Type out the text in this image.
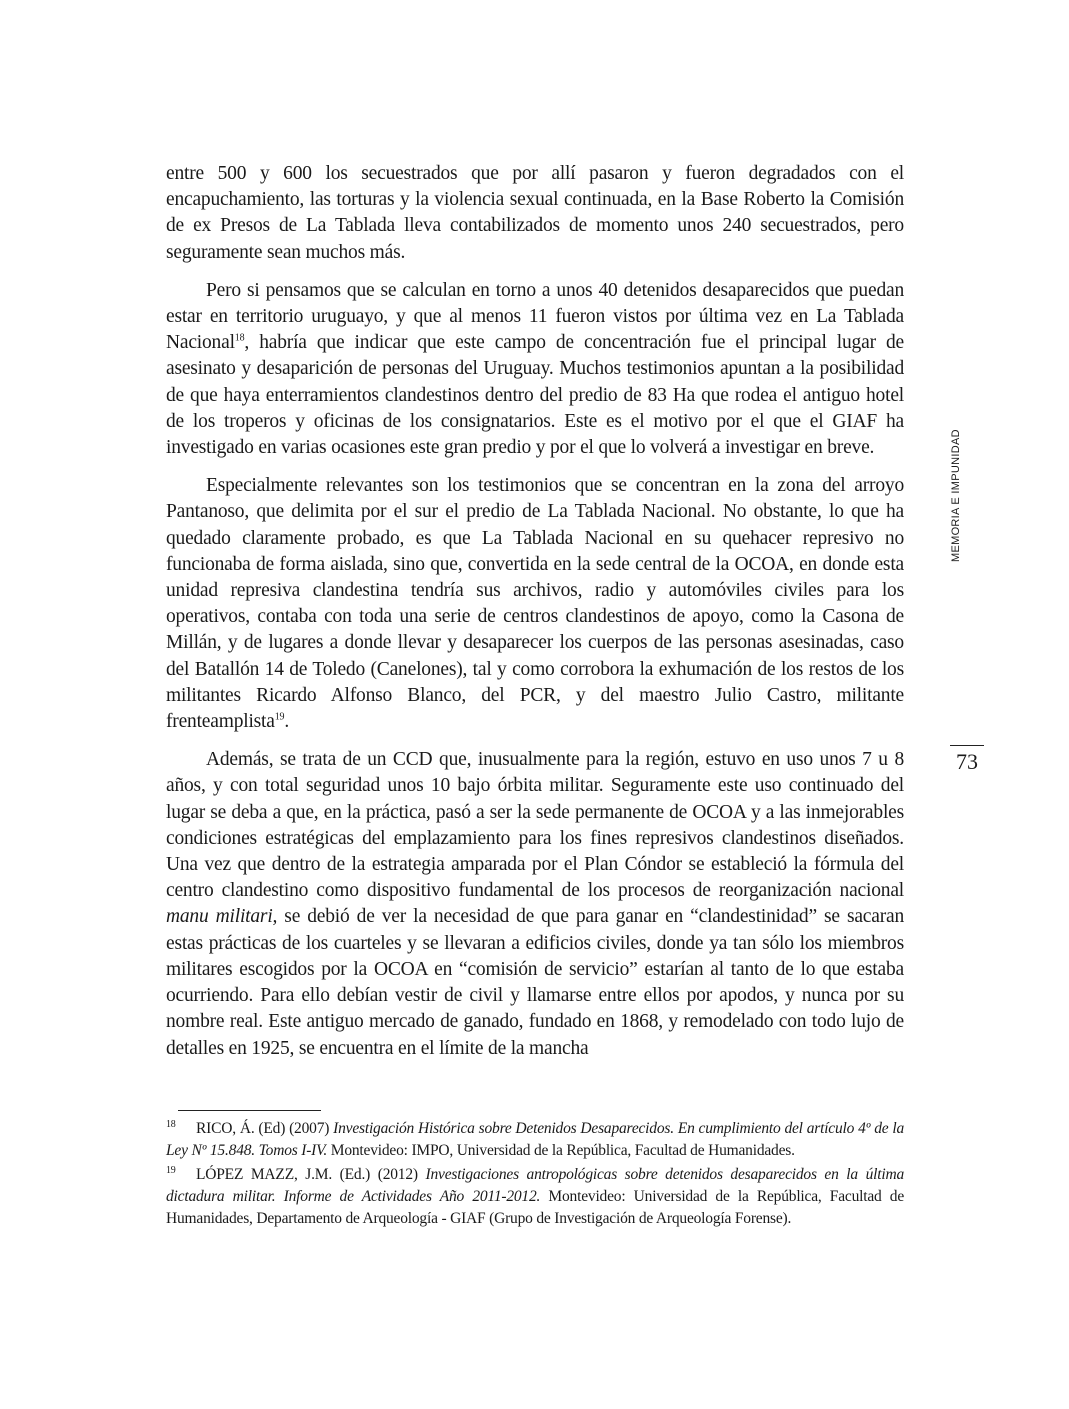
entre 500 y 600 los secuestrados que por allí pasaron y fueron degradados con el encapuchamiento, las torturas y la violencia sexual continuada, en la Base Roberto la Comisión de ex Presos de La Tablada lleva contabilizados de momento unos 240 secuestrados, pero seguramente sean muchos más.

Pero si pensamos que se calculan en torno a unos 40 detenidos desaparecidos que puedan estar en territorio uruguayo, y que al menos 11 fueron vistos por última vez en La Tablada Nacional$^{18}$, habría que indicar que este campo de concentración fue el principal lugar de asesinato y desaparición de personas del Uruguay. Muchos testimonios apuntan a la posibilidad de que haya enterramientos clandestinos dentro del predio de 83 Ha que rodea el antiguo hotel de los troperos y oficinas de los consignatarios. Este es el motivo por el que el GIAF ha investigado en varias ocasiones este gran predio y por el que lo volverá a investigar en breve.

Especialmente relevantes son los testimonios que se concentran en la zona del arroyo Pantanoso, que delimita por el sur el predio de La Tablada Nacional. No obstante, lo que ha quedado claramente probado, es que La Tablada Nacional en su quehacer represivo no funcionaba de forma aislada, sino que, convertida en la sede central de la OCOA, en donde esta unidad represiva clandestina tendría sus archivos, radio y automóviles civiles para los operativos, contaba con toda una serie de centros clandestinos de apoyo, como la Casona de Millán, y de lugares a donde llevar y desaparecer los cuerpos de las personas asesinadas, caso del Batallón 14 de Toledo (Canelones), tal y como corrobora la exhumación de los restos de los militantes Ricardo Alfonso Blanco, del PCR, y del maestro Julio Castro, militante frenteamplista$^{19}$.

Además, se trata de un CCD que, inusualmente para la región, estuvo en uso unos 7 u 8 años, y con total seguridad unos 10 bajo órbita militar. Seguramente este uso continuado del lugar se deba a que, en la práctica, pasó a ser la sede permanente de OCOA y a las inmejorables condiciones estratégicas del emplazamiento para los fines represivos clandestinos diseñados. Una vez que dentro de la estrategia amparada por el Plan Cóndor se estableció la fórmula del centro clandestino como dispositivo fundamental de los procesos de reorganización nacional manu militari, se debió de ver la necesidad de que para ganar en “clandestinidad” se sacaran estas prácticas de los cuarteles y se llevaran a edificios civiles, donde ya tan sólo los miembros militares escogidos por la OCOA en “comisión de servicio” estarían al tanto de lo que estaba ocurriendo. Para ello debían vestir de civil y llamarse entre ellos por apodos, y nunca por su nombre real. Este antiguo mercado de ganado, fundado en 1868, y remodelado con todo lujo de detalles en 1925, se encuentra en el límite de la mancha

MEMORIA E IMPUNIDAD
73

18 RICO, Á. (Ed) (2007) Investigación Histórica sobre Detenidos Desaparecidos. En cumplimiento del artículo 4º de la Ley Nº 15.848. Tomos I-IV. Montevideo: IMPO, Universidad de la República, Facultad de Humanidades.

19 LÓPEZ MAZZ, J.M. (Ed.) (2012) Investigaciones antropológicas sobre detenidos desaparecidos en la última dictadura militar. Informe de Actividades Año 2011-2012. Montevideo: Universidad de la República, Facultad de Humanidades, Departamento de Arqueología - GIAF (Grupo de Investigación de Arqueología Forense).
